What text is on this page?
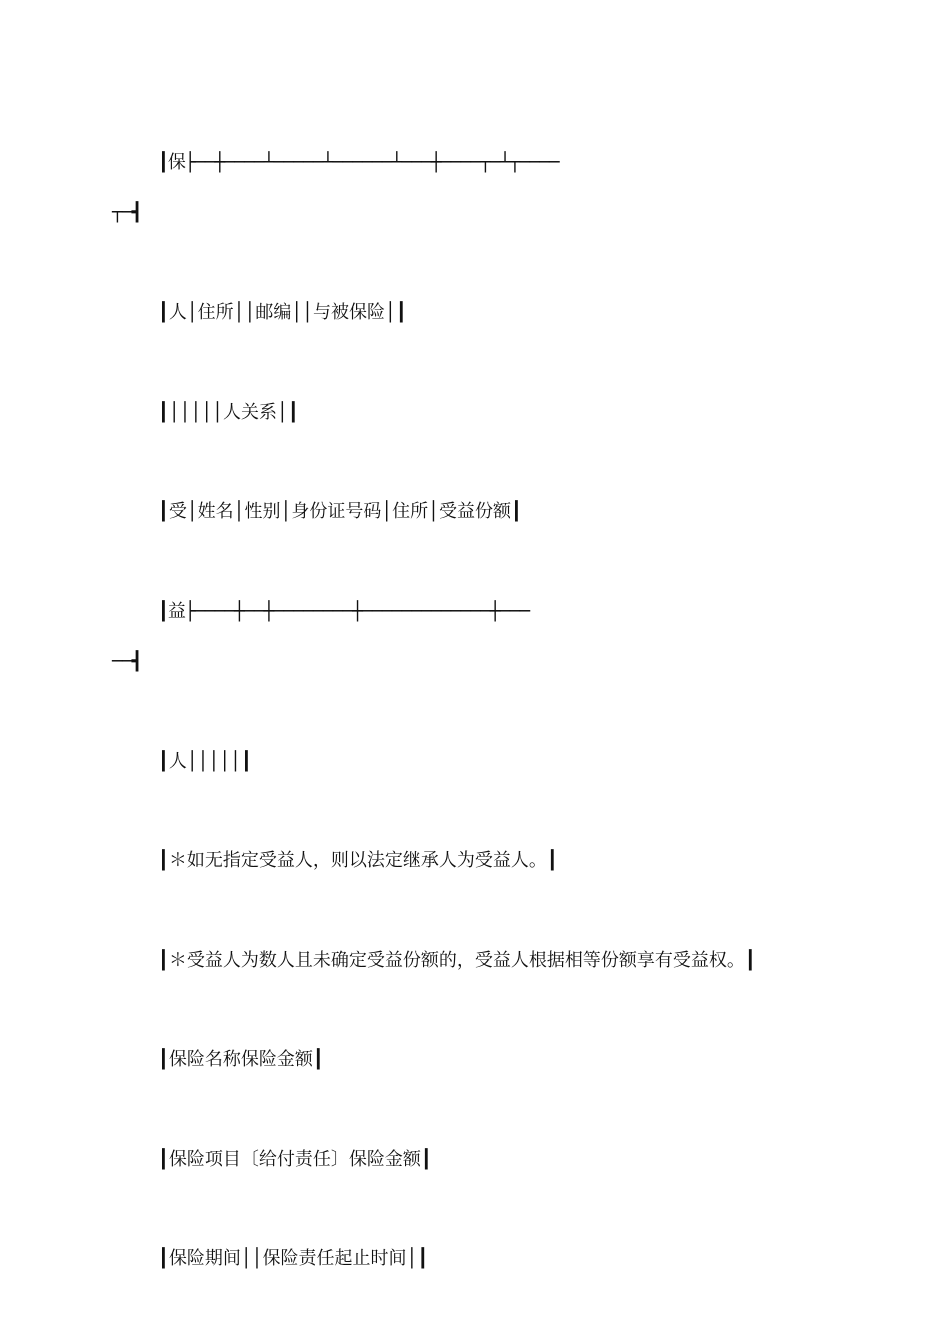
┃保├──┼────┴─────┴──────┴───┼────┬─┴┬────
┬─┫
┃人│住所││邮编││与被保险│┃
┃│││││人关系│┃
┃受│姓名│性别│身份证号码│住所│受益份额┃
┃益├────┼──┼────────┼─────────────┼───
──┫
┃人│││││┃
┃＊如无指定受益人，则以法定继承人为受益人。┃
┃＊受益人为数人且未确定受益份额的，受益人根据相等份额享有受益权。┃
┃保险名称保险金额┃
┃保险项目〔给付责任〕保险金额┃
┃保险期间││保险责任起止时间│┃
